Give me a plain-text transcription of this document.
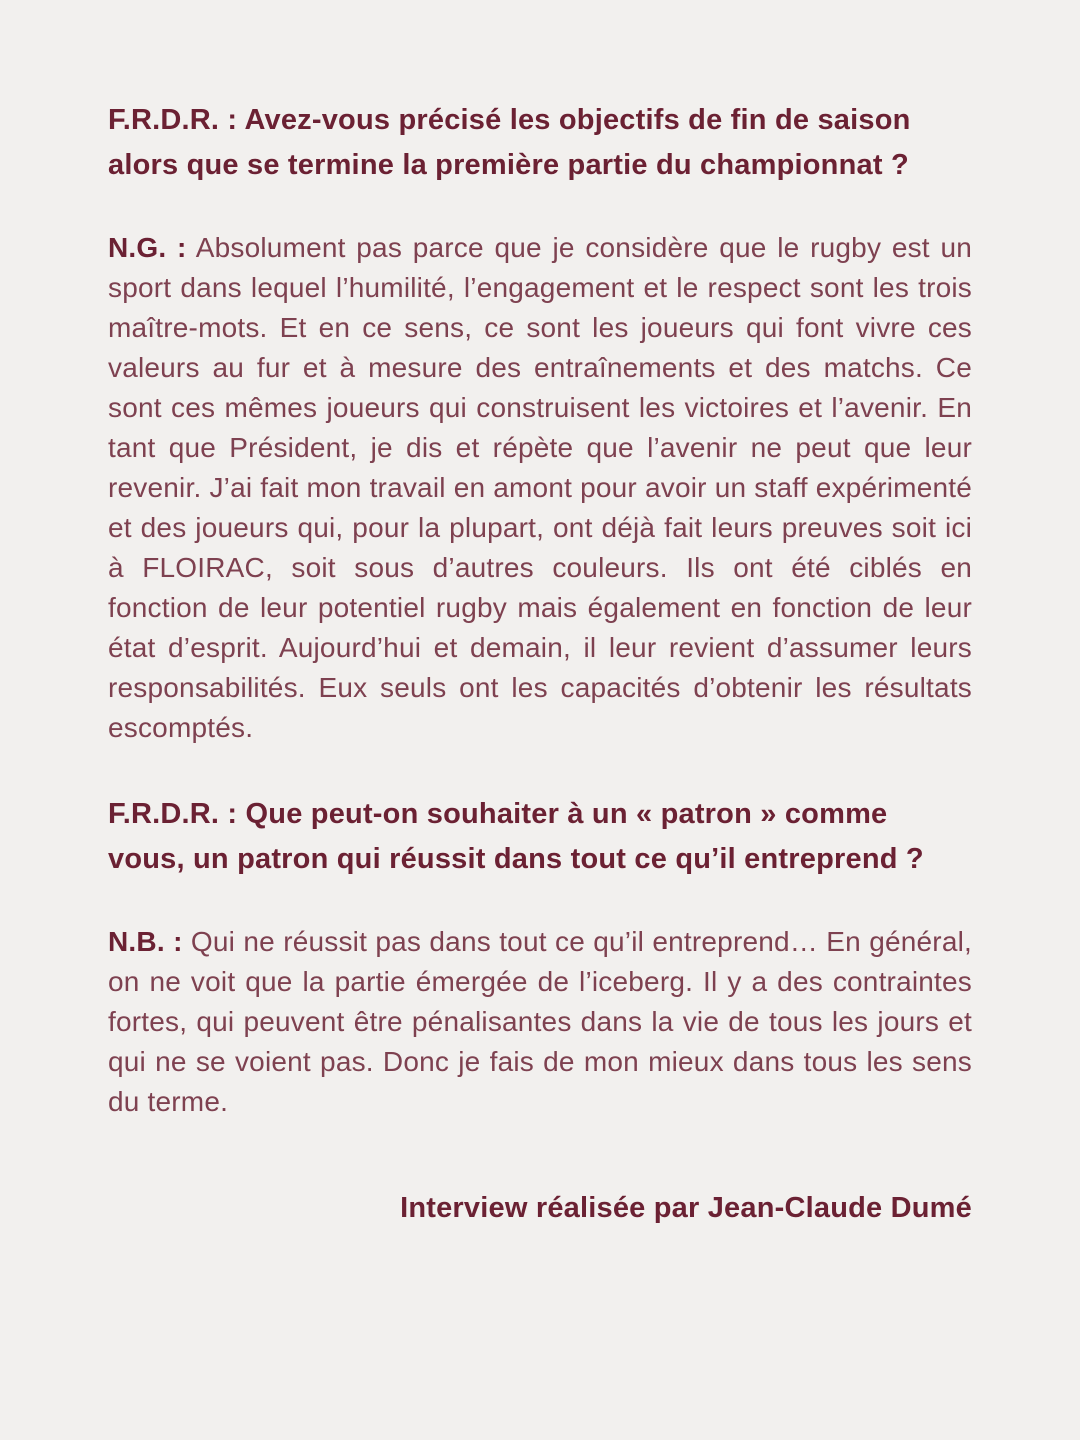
F.R.D.R. : Avez-vous précisé les objectifs de fin de saison alors que se termine la première partie du championnat ?

N.G. : Absolument pas parce que je considère que le rugby est un sport dans lequel l’humilité, l’engagement et le respect sont les trois maître-mots. Et en ce sens, ce sont les joueurs qui font vivre ces valeurs au fur et à mesure des entraînements et des matchs. Ce sont ces mêmes joueurs qui construisent les victoires et l’avenir. En tant que Président, je dis et répète que l’avenir ne peut que leur revenir. J’ai fait mon travail en amont pour avoir un staff expérimenté et des joueurs qui, pour la plupart, ont déjà fait leurs preuves soit ici à FLOIRAC, soit sous d’autres couleurs. Ils ont été ciblés en fonction de leur potentiel rugby mais également en fonction de leur état d’esprit. Aujourd’hui et demain, il leur revient d’assumer leurs responsabilités. Eux seuls ont les capacités d’obtenir les résultats escomptés.

F.R.D.R. : Que peut-on souhaiter à un « patron » comme vous, un patron qui réussit dans tout ce qu’il entreprend ?

N.B. : Qui ne réussit pas dans tout ce qu’il entreprend… En général, on ne voit que la partie émergée de l’iceberg. Il y a des contraintes fortes, qui peuvent être pénalisantes dans la vie de tous les jours et qui ne se voient pas. Donc je fais de mon mieux dans tous les sens du terme.

Interview réalisée par Jean-Claude Dumé
